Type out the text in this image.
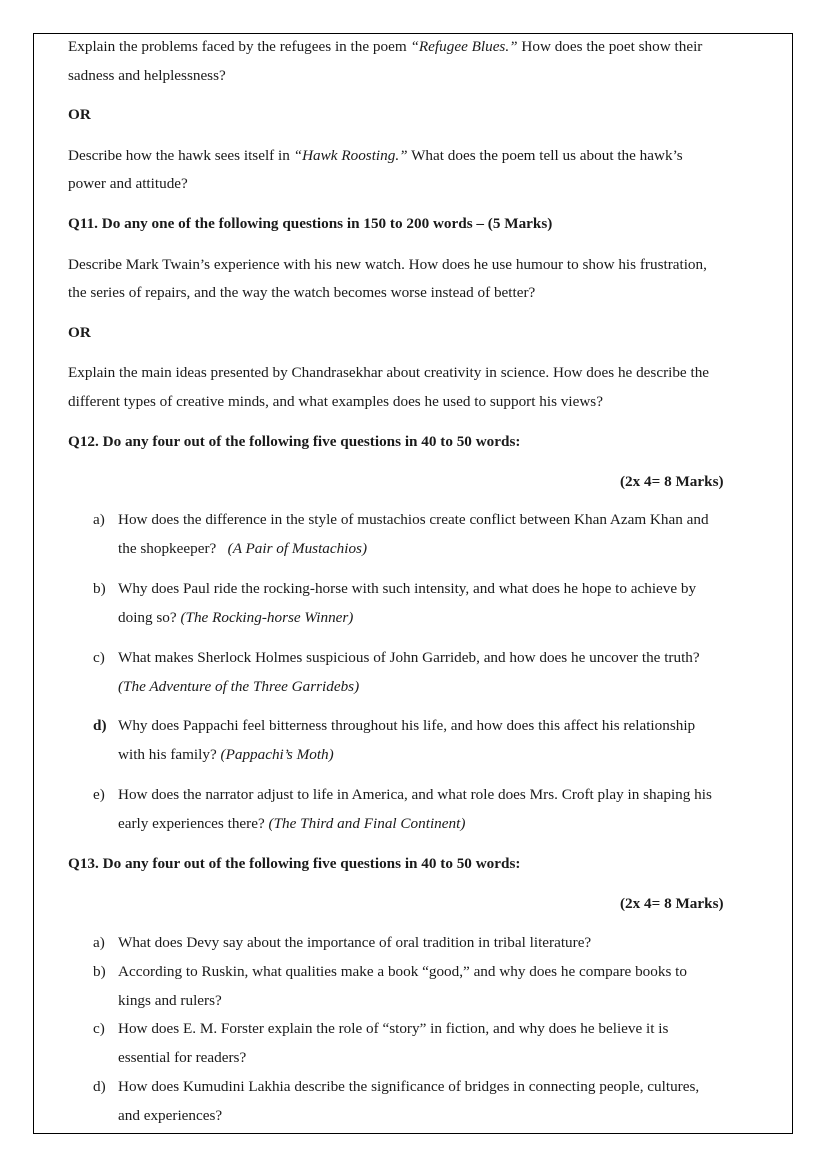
Explain the problems faced by the refugees in the poem “Refugee Blues.” How does the poet show their
sadness and helplessness?
OR
Describe how the hawk sees itself in “Hawk Roosting.” What does the poem tell us about the hawk’s
power and attitude?
Q11. Do any one of the following questions in 150 to 200 words – (5 Marks)
Describe Mark Twain’s experience with his new watch. How does he use humour to show his frustration,
the series of repairs, and the way the watch becomes worse instead of better?
OR
Explain the main ideas presented by Chandrasekhar about creativity in science. How does he describe the
different types of creative minds, and what examples does he used to support his views?
Q12. Do any four out of the following five questions in 40 to 50 words:
(2x 4= 8 Marks)
a) How does the difference in the style of mustachios create conflict between Khan Azam Khan and
the shopkeeper?   (A Pair of Mustachios)
b) Why does Paul ride the rocking-horse with such intensity, and what does he hope to achieve by
doing so? (The Rocking-horse Winner)
c) What makes Sherlock Holmes suspicious of John Garrideb, and how does he uncover the truth?
(The Adventure of the Three Garridebs)
d) Why does Pappachi feel bitterness throughout his life, and how does this affect his relationship
with his family? (Pappachi’s Moth)
e) How does the narrator adjust to life in America, and what role does Mrs. Croft play in shaping his
early experiences there? (The Third and Final Continent)
Q13. Do any four out of the following five questions in 40 to 50 words:
(2x 4= 8 Marks)
a) What does Devy say about the importance of oral tradition in tribal literature?
b) According to Ruskin, what qualities make a book “good,” and why does he compare books to
kings and rulers?
c) How does E. M. Forster explain the role of “story” in fiction, and why does he believe it is
essential for readers?
d) How does Kumudini Lakhia describe the significance of bridges in connecting people, cultures,
and experiences?
